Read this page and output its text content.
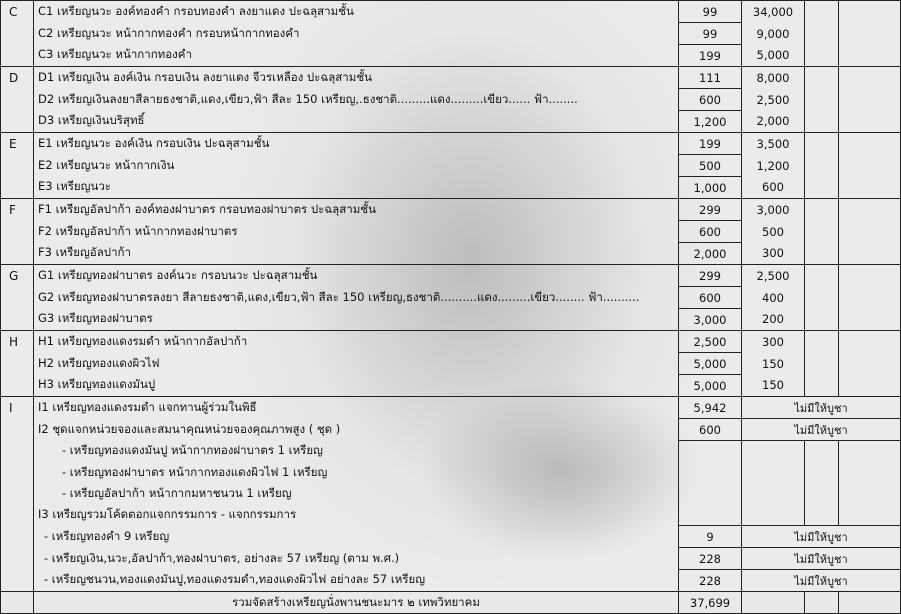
C	C1 เหรียญนวะ องค์ทองคำ กรอบทองคำ ลงยาแดง ปะฉลุสามชั้น	99	34,000		
	C2 เหรียญนวะ หน้ากากทองคำ กรอบหน้ากากทองคำ	99	9,000		
	C3 เหรียญนวะ หน้ากากทองคำ	199	5,000		
D	D1 เหรียญเงิน องค์เงิน กรอบเงิน ลงยาแดง จีวรเหลือง ปะฉลุสามชั้น	111	8,000		
	D2 เหรียญเงินลงยาสีลายธงชาติ,แดง,เขียว,ฟ้า สีละ 150 เหรียญ,.ธงชาติ.........แดง.........เขียว...... ฟ้า........	600	2,500		
	D3 เหรียญเงินบริสุทธิ์	1,200	2,000		
E	E1 เหรียญนวะ องค์เงิน กรอบเงิน ปะฉลุสามชั้น	199	3,500		
	E2 เหรียญนวะ หน้ากากเงิน	500	1,200		
	E3 เหรียญนวะ	1,000	600		
F	F1 เหรียญอัลปาก้า องค์ทองฝาบาตร กรอบทองฝาบาตร ปะฉลุสามชั้น	299	3,000		
	F2 เหรียญอัลปาก้า หน้ากากทองฝาบาตร	600	500		
	F3 เหรียญอัลปาก้า	2,000	300		
G	G1 เหรียญทองฝาบาตร องค์นวะ กรอบนวะ ปะฉลุสามชั้น	299	2,500		
	G2 เหรียญทองฝาบาตรลงยา สีลายธงชาติ,แดง,เขียว,ฟ้า สีละ 150 เหรียญ,ธงชาติ..........แดง.........เขียว........ ฟ้า..........	600	400		
	G3 เหรียญทองฝาบาตร	3,000	200		
H	H1 เหรียญทองแดงรมดำ หน้ากากอัลปาก้า	2,500	300		
	H2 เหรียญทองแดงผิวไฟ	5,000	150		
	H3 เหรียญทองแดงมันปู	5,000	150		
I	I1 เหรียญทองแดงรมดำ แจกทานผู้ร่วมในพิธี	5,942	ไม่มีให้บูชา		
	I2 ชุดแจกหน่วยจองและสมนาคุณหน่วยจองคุณภาพสูง ( ชุด )	600	ไม่มีให้บูชา		
	- เหรียญทองแดงมันปู หน้ากากทองฝาบาตร 1 เหรียญ				
	- เหรียญทองฝาบาตร หน้ากากทองแดงผิวไฟ 1 เหรียญ				
	- เหรียญอัลปาก้า หน้ากากมหาชนวน 1 เหรียญ				
	I3 เหรียญรวมโค้ดตอกแจกกรรมการ - แจกกรรมการ				
	- เหรียญทองคำ 9 เหรียญ	9	ไม่มีให้บูชา		
	- เหรียญเงิน,นวะ,อัลปาก้า,ทองฝาบาตร, อย่างละ 57 เหรียญ (ตาม พ.ศ.)	228	ไม่มีให้บูชา		
	- เหรียญชนวน,ทองแดงมันปู,ทองแดงรมดำ,ทองแดงผิวไฟ อย่างละ 57 เหรียญ	228	ไม่มีให้บูชา		
	รวมจัดสร้างเหรียญนั่งพานชนะมาร ๒ เทพวิทยาคม	37,699			
